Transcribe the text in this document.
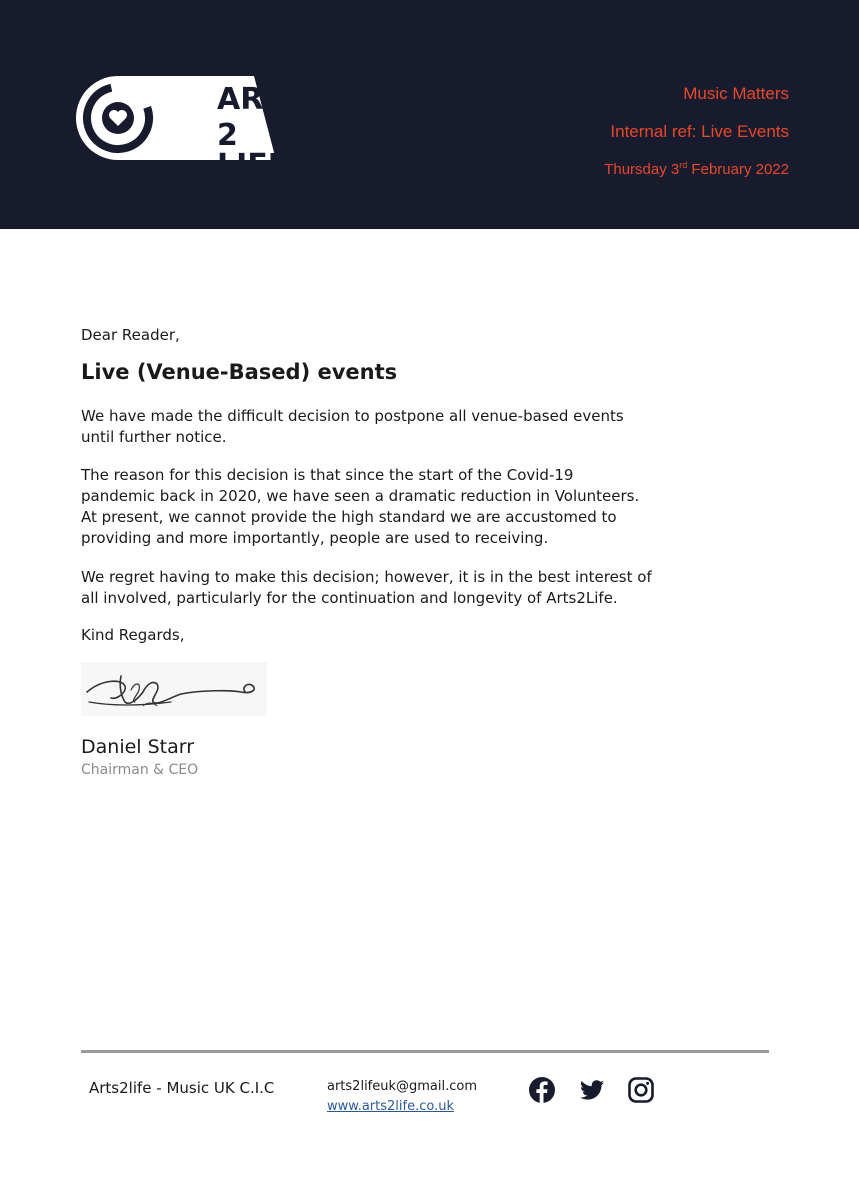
ARTS
2 LIFE
Music Matters
Internal ref: Live Events
Thursday 3rd February 2022
Dear Reader,
Live (Venue-Based) events
We have made the difficult decision to postpone all venue-based events until further notice.
The reason for this decision is that since the start of the Covid-19 pandemic back in 2020, we have seen a dramatic reduction in Volunteers. At present, we cannot provide the high standard we are accustomed to providing and more importantly, people are used to receiving.
We regret having to make this decision; however, it is in the best interest of all involved, particularly for the continuation and longevity of Arts2Life.
Kind Regards,
Daniel Starr
Chairman & CEO
Arts2life - Music UK C.I.C	arts2lifeuk@gmail.com
www.arts2life.co.uk
